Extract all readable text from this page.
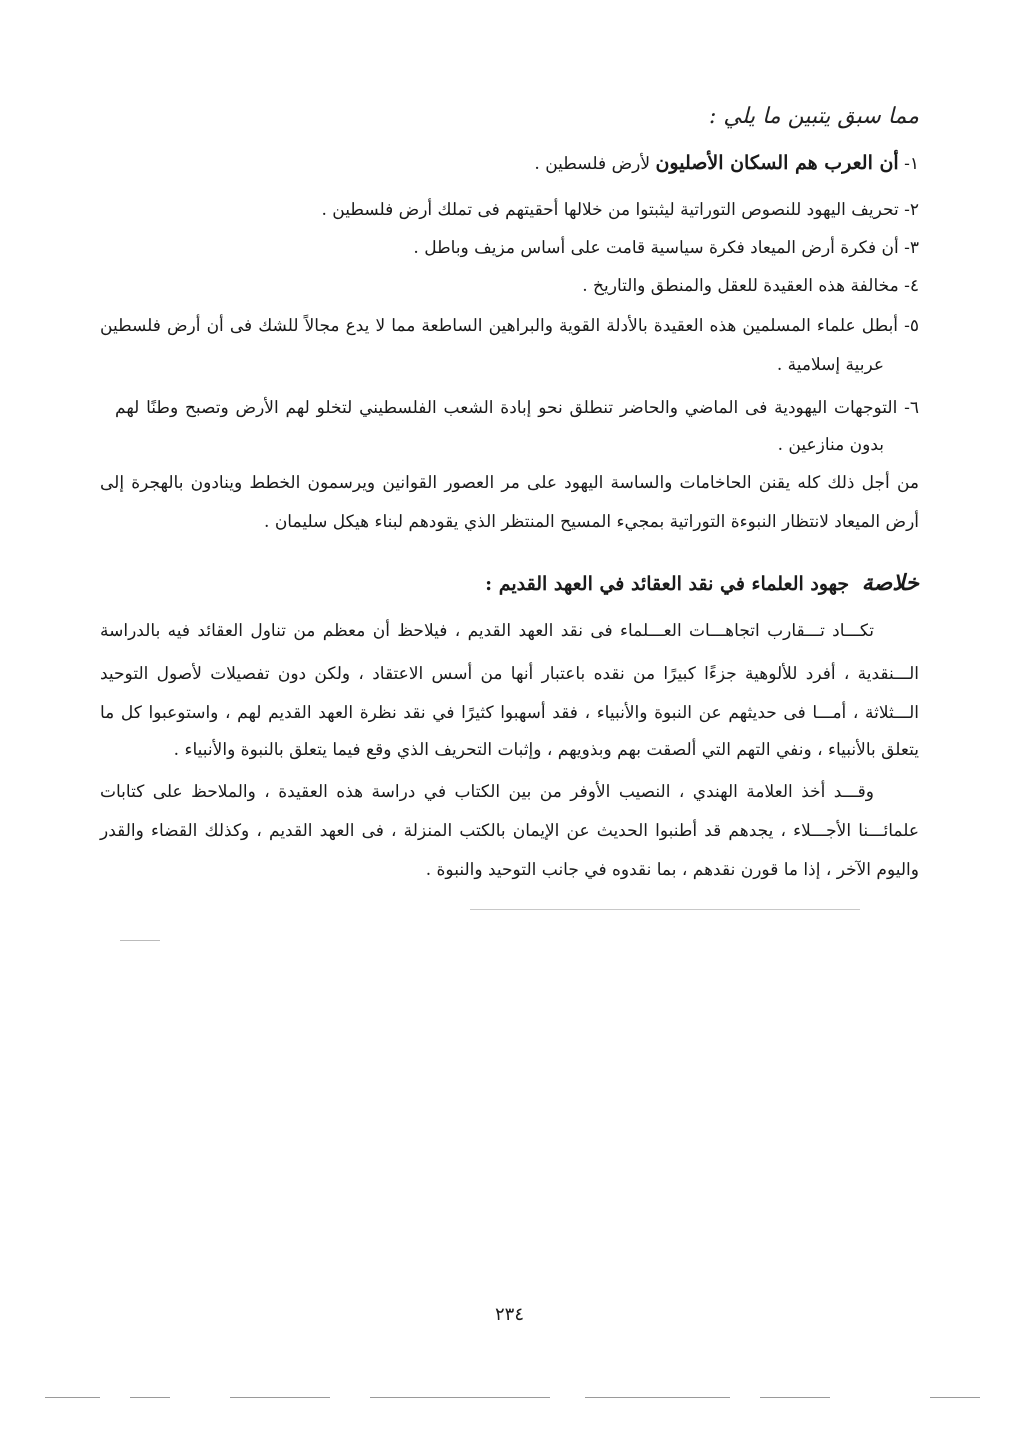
مما سبق يتبين ما يلي :
١- أن العرب هم السكان الأصليون لأرض فلسطين .
٢- تحريف اليهود للنصوص التوراتية ليثبتوا من خلالها أحقيتهم فى تملك أرض فلسطين .
٣- أن فكرة أرض الميعاد فكرة سياسية قامت على أساس مزيف وباطل .
٤- مخالفة هذه العقيدة للعقل والمنطق والتاريخ .
٥- أبطل علماء المسلمين هذه العقيدة بالأدلة القوية والبراهين الساطعة مما لا يدع مجالاً للشك فى أن أرض فلسطين
عربية إسلامية .
٦- التوجهات اليهودية فى الماضي والحاضر تنطلق نحو إبادة الشعب الفلسطيني لتخلو لهم الأرض وتصبح وطنًا لهم
بدون منازعين .
من أجل ذلك كله يقنن الحاخامات والساسة اليهود على مر العصور القوانين ويرسمون الخطط وينادون بالهجرة إلى
أرض الميعاد لانتظار النبوءة التوراتية بمجيء المسيح المنتظر الذي يقودهم لبناء هيكل سليمان .
خلاصة جهود العلماء في نقد العقائد في العهد القديم :
تكـــاد تـــقارب اتجاهـــات العـــلماء فى نقد العهد القديم ، فيلاحظ أن معظم من تناول العقائد فيه بالدراسة
الـــنقدية ، أفرد للألوهية جزءًا كبيرًا من نقده باعتبار أنها من أسس الاعتقاد ، ولكن دون تفصيلات لأصول التوحيد
الـــثلاثة ، أمـــا فى حديثهم عن النبوة والأنبياء ، فقد أسهبوا كثيرًا في نقد نظرة العهد القديم لهم ، واستوعبوا كل ما
يتعلق بالأنبياء ، ونفي التهم التي ألصقت بهم وبذويهم ، وإثبات التحريف الذي وقع فيما يتعلق بالنبوة والأنبياء .
وقـــد أخذ العلامة الهندي ، النصيب الأوفر من بين الكتاب في دراسة هذه العقيدة ، والملاحظ على كتابات
علمائـــنا الأجـــلاء ، يجدهم قد أطنبوا الحديث عن الإيمان بالكتب المنزلة ، فى العهد القديم ، وكذلك القضاء والقدر
واليوم الآخر ، إذا ما قورن نقدهم ، بما نقدوه في جانب التوحيد والنبوة .
٢٣٤
